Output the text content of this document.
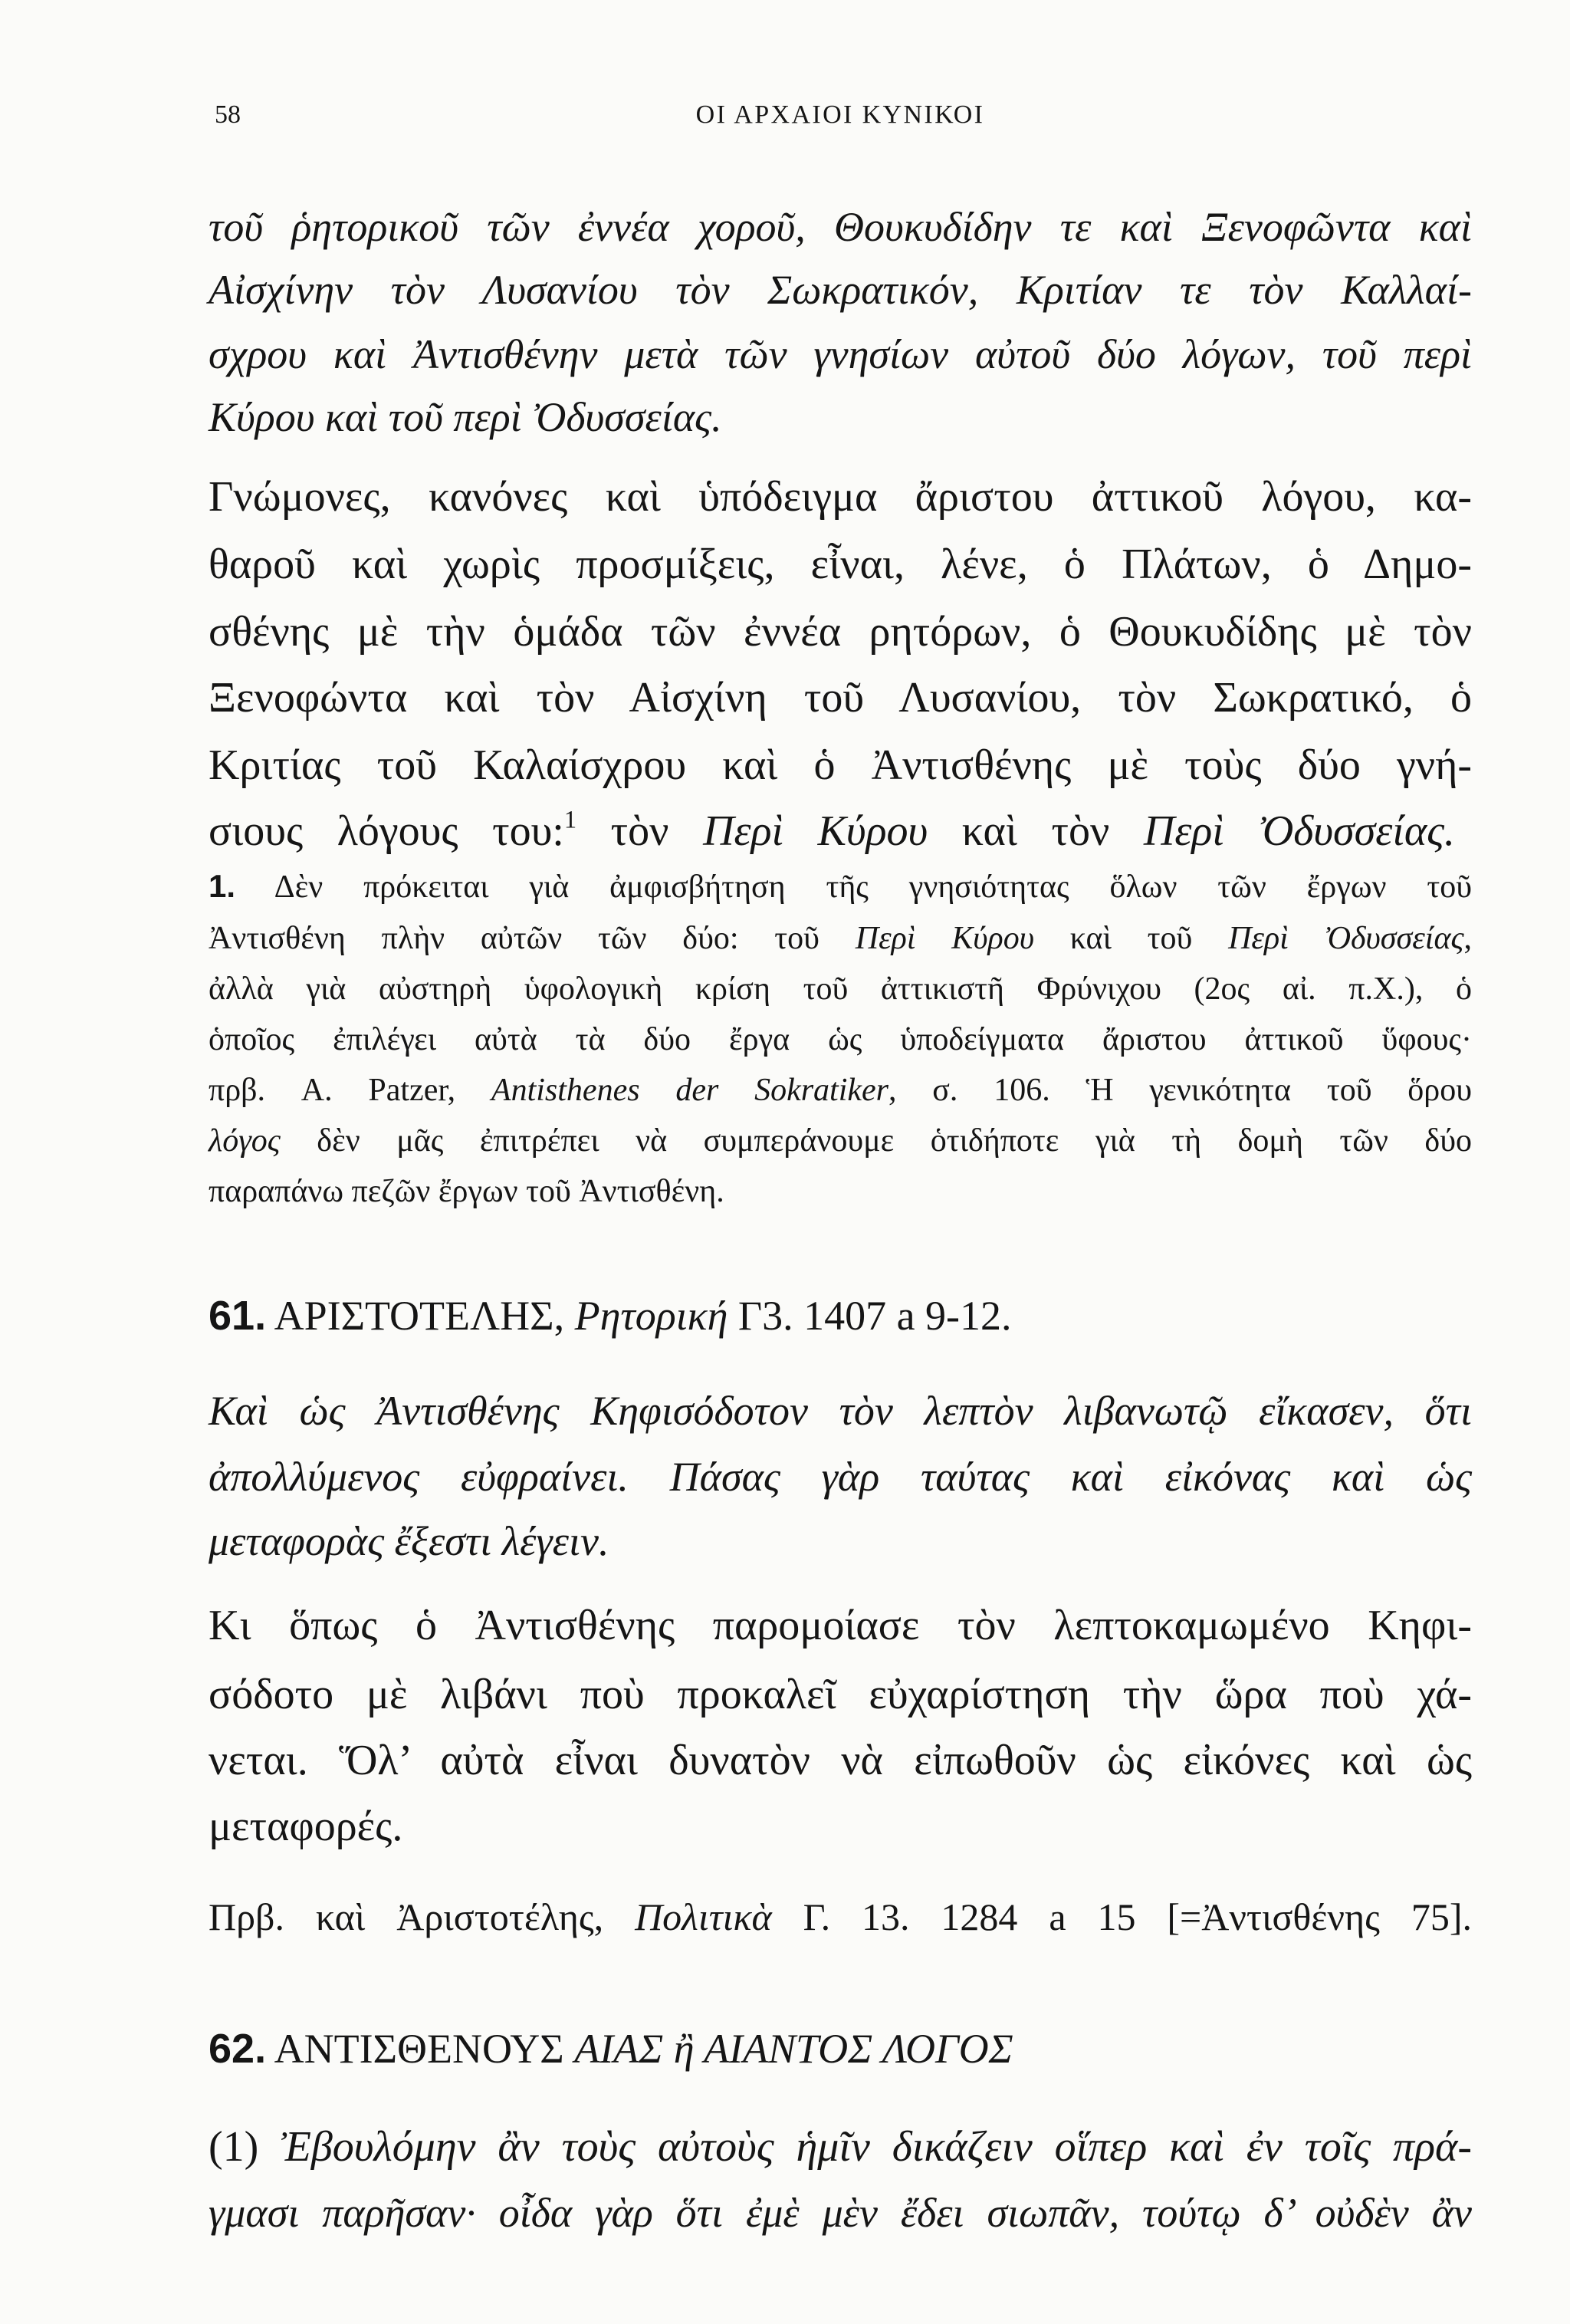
58	ΟΙ ΑΡΧΑΙΟΙ ΚΥΝΙΚΟΙ
τοῦ ῥητορικοῦ τῶν ἐννέα χοροῦ, Θουκυδίδην τε καὶ Ξενοφῶντα καὶ
Αἰσχίνην τὸν Λυσανίου τὸν Σωκρατικόν, Κριτίαν τε τὸν Καλλαί-
σχρου καὶ Ἀντισθένην μετὰ τῶν γνησίων αὐτοῦ δύο λόγων, τοῦ περὶ
Κύρου καὶ τοῦ περὶ Ὀδυσσείας.
Γνώμονες, κανόνες καὶ ὑπόδειγμα ἄριστου ἀττικοῦ λόγου, κα-
θαροῦ καὶ χωρὶς προσμίξεις, εἶναι, λένε, ὁ Πλάτων, ὁ Δημο-
σθένης μὲ τὴν ὁμάδα τῶν ἐννέα ρητόρων, ὁ Θουκυδίδης μὲ τὸν
Ξενοφώντα καὶ τὸν Αἰσχίνη τοῦ Λυσανίου, τὸν Σωκρατικό, ὁ
Κριτίας τοῦ Καλαίσχρου καὶ ὁ Ἀντισθένης μὲ τοὺς δύο γνή-
σιους λόγους του:$^1$ τὸν Περὶ Κύρου καὶ τὸν Περὶ Ὀδυσσείας.
1. Δὲν πρόκειται γιὰ ἀμφισβήτηση τῆς γνησιότητας ὅλων τῶν ἔργων τοῦ
Ἀντισθένη πλὴν αὐτῶν τῶν δύο: τοῦ Περὶ Κύρου καὶ τοῦ Περὶ Ὀδυσσείας,
ἀλλὰ γιὰ αὐστηρὴ ὑφολογικὴ κρίση τοῦ ἀττικιστῆ Φρύνιχου (2ος αἰ. π.Χ.), ὁ
ὁποῖος ἐπιλέγει αὐτὰ τὰ δύο ἔργα ὡς ὑποδείγματα ἄριστου ἀττικοῦ ὕφους·
πρβ. A. Patzer, Antisthenes der Sokratiker, σ. 106. Ἡ γενικότητα τοῦ ὅρου
λόγος δὲν μᾶς ἐπιτρέπει νὰ συμπεράνουμε ὁτιδήποτε γιὰ τὴ δομὴ τῶν δύο
παραπάνω πεζῶν ἔργων τοῦ Ἀντισθένη.
61. ΑΡΙΣΤΟΤΕΛΗΣ, Ρητορική Γ3. 1407 a 9-12.
Καὶ ὡς Ἀντισθένης Κηφισόδοτον τὸν λεπτὸν λιβανωτῷ εἴκασεν, ὅτι
ἀπολλύμενος εὐφραίνει. Πάσας γὰρ ταύτας καὶ εἰκόνας καὶ ὡς
μεταφορὰς ἔξεστι λέγειν.
Κι ὅπως ὁ Ἀντισθένης παρομοίασε τὸν λεπτοκαμωμένο Κηφι-
σόδοτο μὲ λιβάνι ποὺ προκαλεῖ εὐχαρίστηση τὴν ὥρα ποὺ χά-
νεται. Ὅλ’ αὐτὰ εἶναι δυνατὸν νὰ εἰπωθοῦν ὡς εἰκόνες καὶ ὡς
μεταφορές.
Πρβ. καὶ Ἀριστοτέλης, Πολιτικὰ Γ. 13. 1284 a 15 [=Ἀντισθένης 75].
62. ΑΝΤΙΣΘΕΝΟΥΣ ΑΙΑΣ ἢ ΑΙΑΝΤΟΣ ΛΟΓΟΣ
(1) Ἐβουλόμην ἂν τοὺς αὐτοὺς ἡμῖν δικάζειν οἵπερ καὶ ἐν τοῖς πρά-
γμασι παρῆσαν· οἶδα γὰρ ὅτι ἐμὲ μὲν ἔδει σιωπᾶν, τούτῳ δ’ οὐδὲν ἂν
